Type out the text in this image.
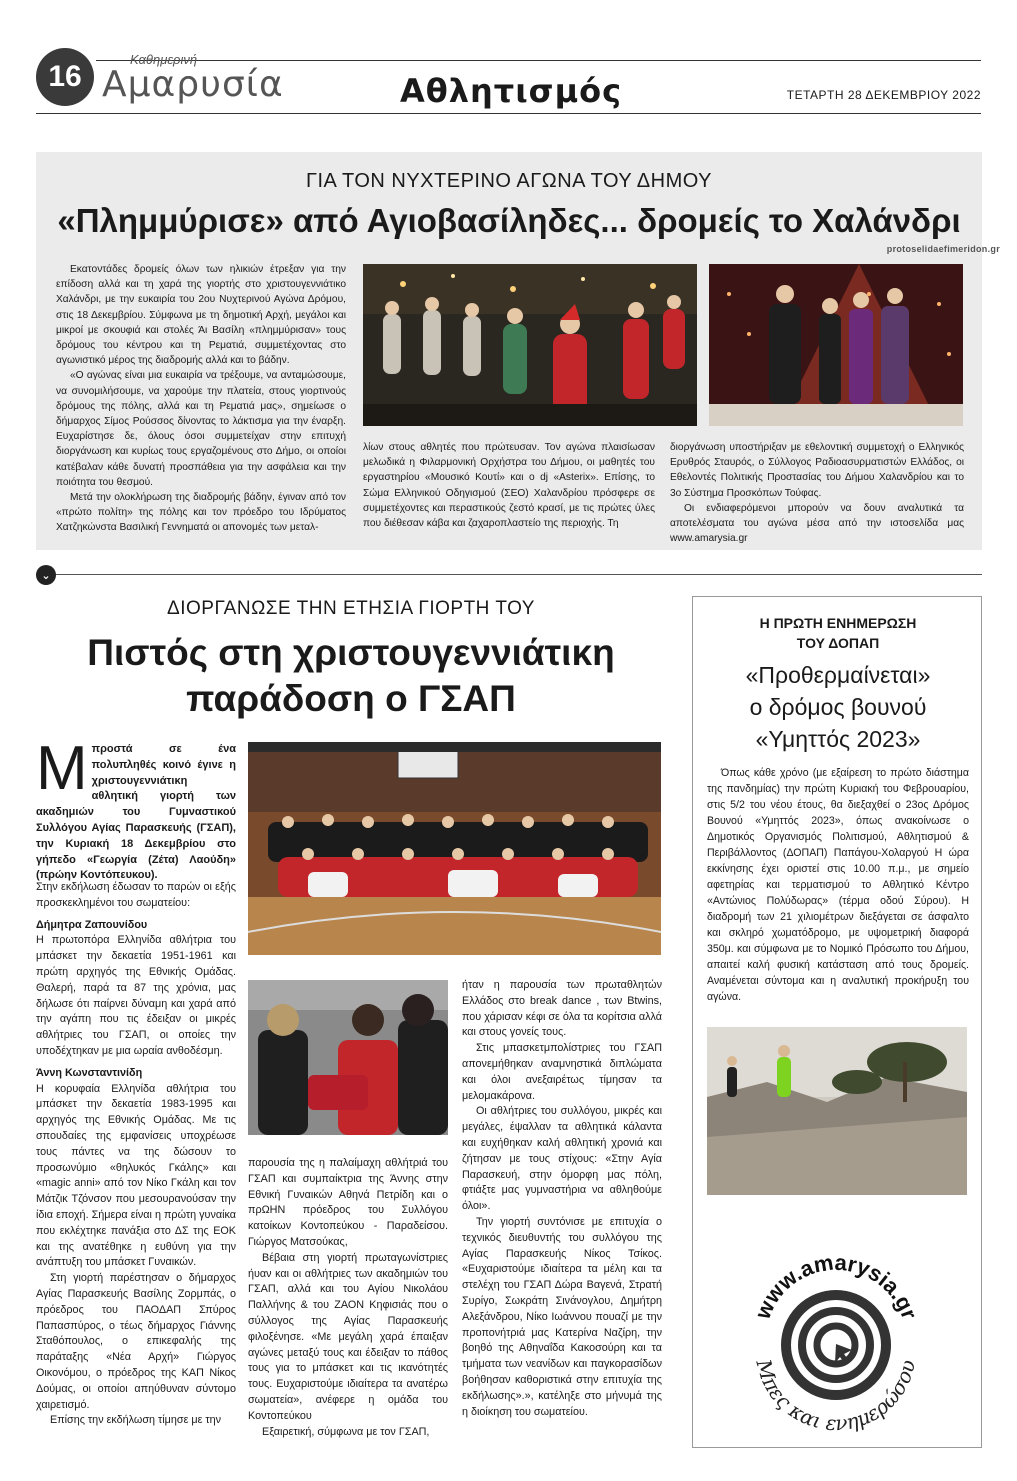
16
Καθημερινή
Αμαρυσία	Αθλητισμός	ΤΕΤΑΡΤΗ 28 ΔΕΚΕΜΒΡΙΟΥ 2022
ΓΙΑ ΤΟΝ ΝΥΧΤΕΡΙΝΟ ΑΓΩΝΑ ΤΟΥ ΔΗΜΟΥ
«Πλημμύρισε» από Αγιοβασίληδες... δρομείς το Χαλάνδρι
protoselidaefimeridon.gr

Εκατοντάδες δρομείς όλων των ηλικιών έτρεξαν για την επίδοση αλλά και τη χαρά της γιορτής στο χριστουγεννιάτικο Χαλάνδρι, με την ευκαιρία του 2ου Νυχτερινού Αγώνα Δρόμου, στις 18 Δεκεμβρίου. Σύμφωνα με τη δημοτική Αρχή, μεγάλοι και μικροί με σκουφιά και στολές Άι Βασίλη «πλημμύρισαν» τους δρόμους του κέντρου και τη Ρεματιά, συμμετέχοντας στο αγωνιστικό μέρος της διαδρομής αλλά και το βάδην.

«Ο αγώνας είναι μια ευκαιρία να τρέξουμε, να ανταμώσουμε, να συνομιλήσουμε, να χαρούμε την πλατεία, στους γιορτινούς δρόμους της πόλης, αλλά και τη Ρεματιά μας», σημείωσε ο δήμαρχος Σίμος Ρούσσος δίνοντας το λάκτισμα για την έναρξη. Ευχαρίστησε δε, όλους όσοι συμμετείχαν στην επιτυχή διοργάνωση και κυρίως τους εργαζομένους στο Δήμο, οι οποίοι κατέβαλαν κάθε δυνατή προσπάθεια για την ασφάλεια και την ποιότητα του θεσμού.

Μετά την ολοκλήρωση της διαδρομής βάδην, έγιναν από τον «πρώτο πολίτη» της πόλης και τον πρόεδρο του Ιδρύματος Χατζηκώνστα Βασιλική Γεννηματά οι απονομές των μεταλ-

λίων στους αθλητές που πρώτευσαν. Τον αγώνα πλαισίωσαν μελωδικά η Φιλαρμονική Ορχήστρα του Δήμου, οι μαθητές του εργαστηρίου «Μουσικό Κουτί» και ο dj «Asterix». Επίσης, το Σώμα Ελληνικού Οδηγισμού (ΣΕΟ) Χαλανδρίου πρόσφερε σε συμμετέχοντες και περαστικούς ζεστό κρασί, με τις πρώτες ύλες που διέθεσαν κάβα και ζαχαροπλαστείο της περιοχής. Τη

διοργάνωση υποστήριξαν με εθελοντική συμμετοχή ο Ελληνικός Ερυθρός Σταυρός, ο Σύλλογος Ραδιοασυρματιστών Ελλάδος, οι Εθελοντές Πολιτικής Προστασίας του Δήμου Χαλανδρίου και το 3ο Σύστημα Προσκόπων Τούφας.

Οι ενδιαφερόμενοι μπορούν να δουν αναλυτικά τα αποτελέσματα του αγώνα μέσα από την ιστοσελίδα μας www.amarysia.gr

⌄
ΔΙΟΡΓΑΝΩΣΕ ΤΗΝ ΕΤΗΣΙΑ ΓΙΟΡΤΗ ΤΟΥ
Πιστός στη χριστουγεννιάτικη
παράδοση ο ΓΣΑΠ
Μπροστά σε ένα πολυπληθές κοινό έγινε η χριστουγεννιάτικη αθλητική γιορτή των ακαδημιών του Γυμναστικού Συλλόγου Αγίας Παρασκευής (ΓΣΑΠ), την Κυριακή 18 Δεκεμβρίου στο γήπεδο «Γεωργία (Ζέτα) Λαούδη» (πρώην Κοντόπευκου).

Στην εκδήλωση έδωσαν το παρών οι εξής προσκεκλημένοι του σωματείου:

Δήμητρα Ζαπουνίδου

Η πρωτοπόρα Ελληνίδα αθλήτρια του μπάσκετ την δεκαετία 1951-1961 και πρώτη αρχηγός της Εθνικής Ομάδας. Θαλερή, παρά τα 87 της χρόνια, μας δήλωσε ότι παίρνει δύναμη και χαρά από την αγάπη που τις έδειξαν οι μικρές αθλήτριες του ΓΣΑΠ, οι οποίες την υποδέχτηκαν με μια ωραία ανθοδέσμη.

Άννη Κωνσταντινίδη

Η κορυφαία Ελληνίδα αθλήτρια του μπάσκετ την δεκαετία 1983-1995 και αρχηγός της Εθνικής Ομάδας. Με τις σπουδαίες της εμφανίσεις υποχρέωσε τους πάντες να της δώσουν το προσωνύμιο «θηλυκός Γκάλης» και «magic anni» από τον Νίκο Γκάλη και τον Μάτζικ Τζόνσον που μεσουρανούσαν την ίδια εποχή. Σήμερα είναι η πρώτη γυναίκα που εκλέχτηκε πανάξια στο ΔΣ της ΕΟΚ και της ανατέθηκε η ευθύνη για την ανάπτυξη του μπάσκετ Γυναικών.

Στη γιορτή παρέστησαν ο δήμαρχος Αγίας Παρασκευής Βασίλης Ζορμπάς, ο πρόεδρος του ΠΑΟΔΑΠ Σπύρος Παπασπύρος, ο τέως δήμαρχος Γιάννης Σταθόπουλος, ο επικεφαλής της παράταξης «Νέα Αρχή» Γιώργος Οικονόμου, ο πρόεδρος της ΚΑΠ Νίκος Δούμας, οι οποίοι απηύθυναν σύντομο χαιρετισμό.

Επίσης την εκδήλωση τίμησε με την

παρουσία της η παλαίμαχη αθλήτριά του ΓΣΑΠ και συμπαίκτρια της Άννης στην Εθνική Γυναικών Αθηνά Πετρίδη και ο πρΩΗΝ πρόεδρος του Συλλόγου κατοίκων Κοντοπεύκου - Παραδείσου. Γιώργος Ματσούκας,

Βέβαια στη γιορτή πρωταγωνίστριες ήυαν και οι αθλήτριες των ακαδημιών του ΓΣΑΠ, αλλά και του Αγίου Νικολάου Παλλήνης & του ΖΑΟΝ Κηφισιάς που ο σύλλογος της Αγίας Παρασκευής φιλοξένησε. «Με μεγάλη χαρά έπαιξαν αγώνες μεταξύ τους και έδειξαν το πάθος τους για το μπάσκετ και τις ικανότητές τους. Ευχαριστούμε ιδιαίτερα τα ανατέρω σωματεία», ανέφερε η ομάδα του Κοντοπεύκου

Εξαιρετική, σύμφωνα με τον ΓΣΑΠ,

ήταν η παρουσία των πρωταθλητών Ελλάδος στο break dance , των Btwins, που χάρισαν κέφι σε όλα τα κορίτσια αλλά και στους γονείς τους.

Στις μπασκετμπολίστριες του ΓΣΑΠ απονεμήθηκαν αναμνηστικά διπλώματα και όλοι ανεξαιρέτως τίμησαν τα μελομακάρονα.

Οι αθλήτριες του συλλόγου, μικρές και μεγάλες, έψαλλαν τα αθλητικά κάλαντα και ευχήθηκαν καλή αθλητική χρονιά και ζήτησαν με τους στίχους: «Στην Αγία Παρασκευή, στην όμορφη μας πόλη, φτιάξτε μας γυμναστήρια να αθληθούμε όλοι».

Την γιορτή συντόνισε με επιτυχία ο τεχνικός διευθυντής του συλλόγου της Αγίας Παρασκευής Νίκος Τσίκος. «Ευχαριστούμε ιδιαίτερα τα μέλη και τα στελέχη του ΓΣΑΠ Δώρα Βαγενά, Στρατή Συρίγο, Σωκράτη Σινάνογλου, Δημήτρη Αλεξάνδρου, Νίκο Ιωάννου πουαζί με την προπονήτριά μας Κατερίνα Ναζίρη, την βοηθό της Αθηναΐδα Κακοσούρη και τα τμήματα των νεανίδων και παγκορασίδων βοήθησαν καθοριστικά στην επιτυχία της εκδήλωσης».», κατέληξε στο μήνυμά της η διοίκηση του σωματείου.

Η ΠΡΩΤΗ ΕΝΗΜΕΡΩΣΗ
ΤΟΥ ΔΟΠΑΠ
«Προθερμαίνεται»
ο δρόμος βουνού
«Υμηττός 2023»

Όπως κάθε χρόνο (με εξαίρεση το πρώτο διάστημα της πανδημίας) την πρώτη Κυριακή του Φεβρουαρίου, στις 5/2 του νέου έτους, θα διεξαχθεί ο 23ος Δρόμος Βουνού «Υμηττός 2023», όπως ανακοίνωσε ο Δημοτικός Οργανισμός Πολιτισμού, Αθλητισμού & Περιβάλλοντος (ΔΟΠΑΠ) Παπάγου-Χολαργού Η ώρα εκκίνησης έχει οριστεί στις 10.00 π.μ., με σημείο αφετηρίας και τερματισμού το Αθλητικό Κέντρο «Αντώνιος Πολύδωρας» (τέρμα οδού Σύρου). Η διαδρομή των 21 χιλιομέτρων διεξάγεται σε άσφαλτο και σκληρό χωματόδρομο, με υψομετρική διαφορά 350μ. και σύμφωνα με το Νομικό Πρόσωπο του Δήμου, απαιτεί καλή φυσική κατάσταση από τους δρομείς. Αναμένεται σύντομα και η αναλυτική προκήρυξη του αγώνα.

www.amarysia.gr
Μπες και ενημερώσου
